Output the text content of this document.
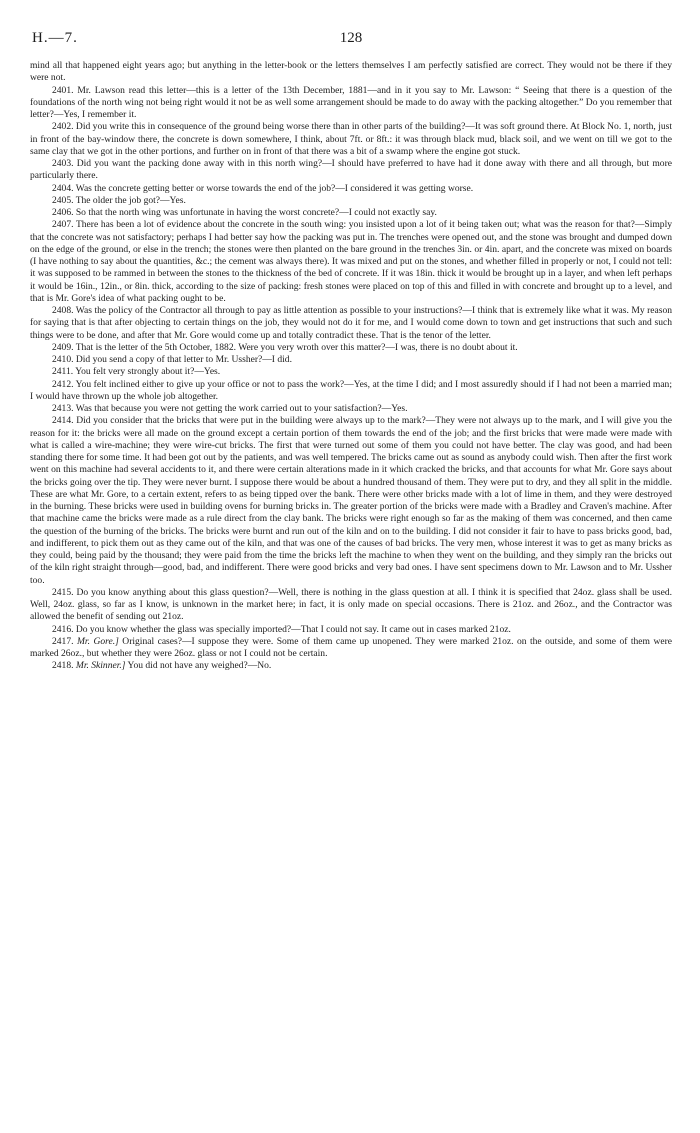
H.—7.	128

mind all that happened eight years ago; but anything in the letter-book or the letters themselves I am perfectly satisfied are correct. They would not be there if they were not.

2401. Mr. Lawson read this letter—this is a letter of the 13th December, 1881—and in it you say to Mr. Lawson: “ Seeing that there is a question of the foundations of the north wing not being right would it not be as well some arrangement should be made to do away with the packing altogether.” Do you remember that letter?—Yes, I remember it.

2402. Did you write this in consequence of the ground being worse there than in other parts of the building?—It was soft ground there. At Block No. 1, north, just in front of the bay-window there, the concrete is down somewhere, I think, about 7ft. or 8ft.: it was through black mud, black soil, and we went on till we got to the same clay that we got in the other portions, and further on in front of that there was a bit of a swamp where the engine got stuck.

2403. Did you want the packing done away with in this north wing?—I should have preferred to have had it done away with there and all through, but more particularly there.

2404. Was the concrete getting better or worse towards the end of the job?—I considered it was getting worse.

2405. The older the job got?—Yes.

2406. So that the north wing was unfortunate in having the worst concrete?—I could not exactly say.

2407. There has been a lot of evidence about the concrete in the south wing: you insisted upon a lot of it being taken out; what was the reason for that?—Simply that the concrete was not satisfactory; perhaps I had better say how the packing was put in. The trenches were opened out, and the stone was brought and dumped down on the edge of the ground, or else in the trench; the stones were then planted on the bare ground in the trenches 3in. or 4in. apart, and the concrete was mixed on boards (I have nothing to say about the quantities, &c.; the cement was always there). It was mixed and put on the stones, and whether filled in properly or not, I could not tell: it was supposed to be rammed in between the stones to the thickness of the bed of concrete. If it was 18in. thick it would be brought up in a layer, and when left perhaps it would be 16in., 12in., or 8in. thick, according to the size of packing: fresh stones were placed on top of this and filled in with concrete and brought up to a level, and that is Mr. Gore's idea of what packing ought to be.

2408. Was the policy of the Contractor all through to pay as little attention as possible to your instructions?—I think that is extremely like what it was. My reason for saying that is that after objecting to certain things on the job, they would not do it for me, and I would come down to town and get instructions that such and such things were to be done, and after that Mr. Gore would come up and totally contradict these. That is the tenor of the letter.

2409. That is the letter of the 5th October, 1882. Were you very wroth over this matter?—I was, there is no doubt about it.

2410. Did you send a copy of that letter to Mr. Ussher?—I did.

2411. You felt very strongly about it?—Yes.

2412. You felt inclined either to give up your office or not to pass the work?—Yes, at the time I did; and I most assuredly should if I had not been a married man; I would have thrown up the whole job altogether.

2413. Was that because you were not getting the work carried out to your satisfaction?—Yes.

2414. Did you consider that the bricks that were put in the building were always up to the mark?—They were not always up to the mark, and I will give you the reason for it: the bricks were all made on the ground except a certain portion of them towards the end of the job; and the first bricks that were made were made with what is called a wire-machine; they were wire-cut bricks. The first that were turned out some of them you could not have better. The clay was good, and had been standing there for some time. It had been got out by the patients, and was well tempered. The bricks came out as sound as anybody could wish. Then after the first work went on this machine had several accidents to it, and there were certain alterations made in it which cracked the bricks, and that accounts for what Mr. Gore says about the bricks going over the tip. They were never burnt. I suppose there would be about a hundred thousand of them. They were put to dry, and they all split in the middle. These are what Mr. Gore, to a certain extent, refers to as being tipped over the bank. There were other bricks made with a lot of lime in them, and they were destroyed in the burning. These bricks were used in building ovens for burning bricks in. The greater portion of the bricks were made with a Bradley and Craven's machine. After that machine came the bricks were made as a rule direct from the clay bank. The bricks were right enough so far as the making of them was concerned, and then came the question of the burning of the bricks. The bricks were burnt and run out of the kiln and on to the building. I did not consider it fair to have to pass bricks good, bad, and indifferent, to pick them out as they came out of the kiln, and that was one of the causes of bad bricks. The very men, whose interest it was to get as many bricks as they could, being paid by the thousand; they were paid from the time the bricks left the machine to when they went on the building, and they simply ran the bricks out of the kiln right straight through—good, bad, and indifferent. There were good bricks and very bad ones. I have sent specimens down to Mr. Lawson and to Mr. Ussher too.

2415. Do you know anything about this glass question?—Well, there is nothing in the glass question at all. I think it is specified that 24oz. glass shall be used. Well, 24oz. glass, so far as I know, is unknown in the market here; in fact, it is only made on special occasions. There is 21oz. and 26oz., and the Contractor was allowed the benefit of sending out 21oz.

2416. Do you know whether the glass was specially imported?—That I could not say. It came out in cases marked 21oz.

2417. Mr. Gore.] Original cases?—I suppose they were. Some of them came up unopened. They were marked 21oz. on the outside, and some of them were marked 26oz., but whether they were 26oz. glass or not I could not be certain.

2418. Mr. Skinner.] You did not have any weighed?—No.
